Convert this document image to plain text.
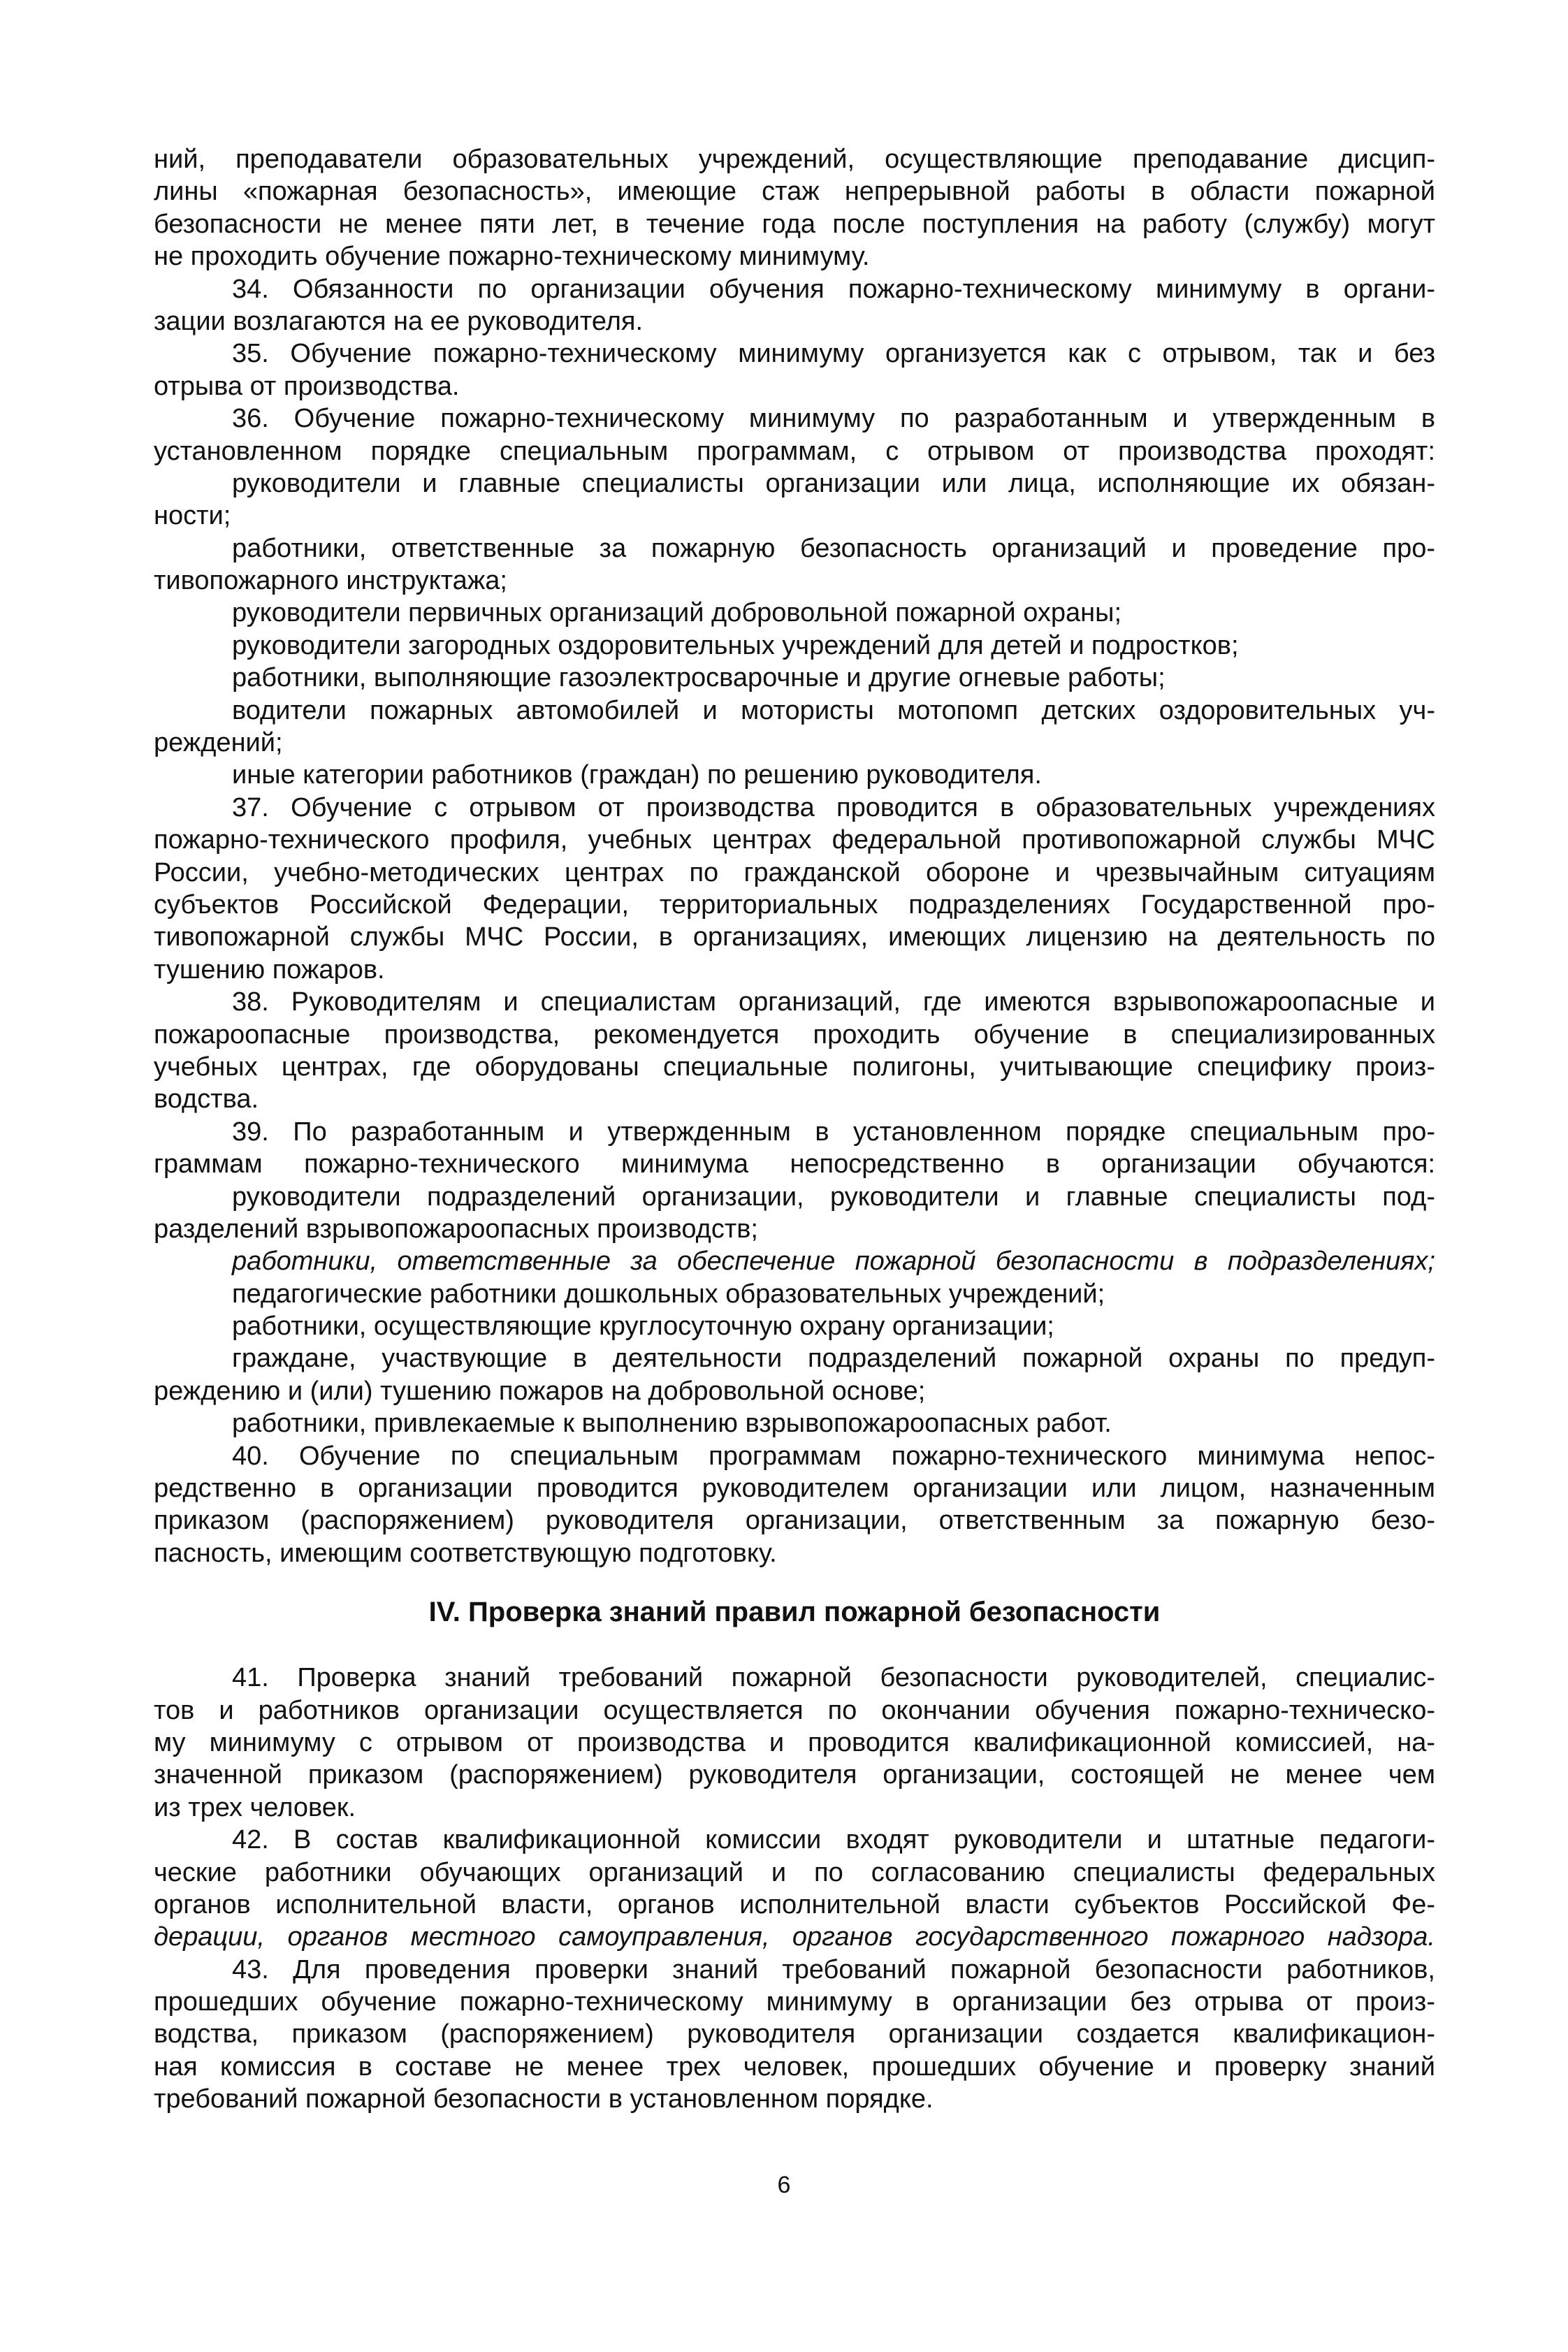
ний, преподаватели образовательных учреждений, осуществляющие преподавание дисцип-
лины «пожарная безопасность», имеющие стаж непрерывной работы в области пожарной
безопасности не менее пяти лет, в течение года после поступления на работу (службу) могут
не проходить обучение пожарно-техническому минимуму.
34. Обязанности по организации обучения пожарно-техническому минимуму в органи-
зации возлагаются на ее руководителя.
35. Обучение пожарно-техническому минимуму организуется как с отрывом, так и без
отрыва от производства.
36. Обучение пожарно-техническому минимуму по разработанным и утвержденным в
установленном порядке специальным программам, с отрывом от производства проходят:
руководители и главные специалисты организации или лица, исполняющие их обязан-
ности;
работники, ответственные за пожарную безопасность организаций и проведение про-
тивопожарного инструктажа;
руководители первичных организаций добровольной пожарной охраны;
руководители загородных оздоровительных учреждений для детей и подростков;
работники, выполняющие газоэлектросварочные и другие огневые работы;
водители пожарных автомобилей и мотористы мотопомп детских оздоровительных уч-
реждений;
иные категории работников (граждан) по решению руководителя.
37. Обучение с отрывом от производства проводится в образовательных учреждениях
пожарно-технического профиля, учебных центрах федеральной противопожарной службы МЧС
России, учебно-методических центрах по гражданской обороне и чрезвычайным ситуациям
субъектов Российской Федерации, территориальных подразделениях Государственной про-
тивопожарной службы МЧС России, в организациях, имеющих лицензию на деятельность по
тушению пожаров.
38. Руководителям и специалистам организаций, где имеются взрывопожароопасные и
пожароопасные производства, рекомендуется проходить обучение в специализированных
учебных центрах, где оборудованы специальные полигоны, учитывающие специфику произ-
водства.
39. По разработанным и утвержденным в установленном порядке специальным про-
граммам пожарно-технического минимума непосредственно в организации обучаются:
руководители подразделений организации, руководители и главные специалисты под-
разделений взрывопожароопасных производств;
работники, ответственные за обеспечение пожарной безопасности в подразделениях;
педагогические работники дошкольных образовательных учреждений;
работники, осуществляющие круглосуточную охрану организации;
граждане, участвующие в деятельности подразделений пожарной охраны по предуп-
реждению и (или) тушению пожаров на добровольной основе;
работники, привлекаемые к выполнению взрывопожароопасных работ.
40. Обучение по специальным программам пожарно-технического минимума непос-
редственно в организации проводится руководителем организации или лицом, назначенным
приказом (распоряжением) руководителя организации, ответственным за пожарную безо-
пасность, имеющим соответствующую подготовку.
IV. Проверка знаний правил пожарной безопасности
41. Проверка знаний требований пожарной безопасности руководителей, специалис-
тов и работников организации осуществляется по окончании обучения пожарно-техническо-
му минимуму с отрывом от производства и проводится квалификационной комиссией, на-
значенной приказом (распоряжением) руководителя организации, состоящей не менее чем
из трех человек.
42. В состав квалификационной комиссии входят руководители и штатные педагоги-
ческие работники обучающих организаций и по согласованию специалисты федеральных
органов исполнительной власти, органов исполнительной власти субъектов Российской Фе-
дерации, органов местного самоуправления, органов государственного пожарного надзора.
43. Для проведения проверки знаний требований пожарной безопасности работников,
прошедших обучение пожарно-техническому минимуму в организации без отрыва от произ-
водства, приказом (распоряжением) руководителя организации создается квалификацион-
ная комиссия в составе не менее трех человек, прошедших обучение и проверку знаний
требований пожарной безопасности в установленном порядке.
6
